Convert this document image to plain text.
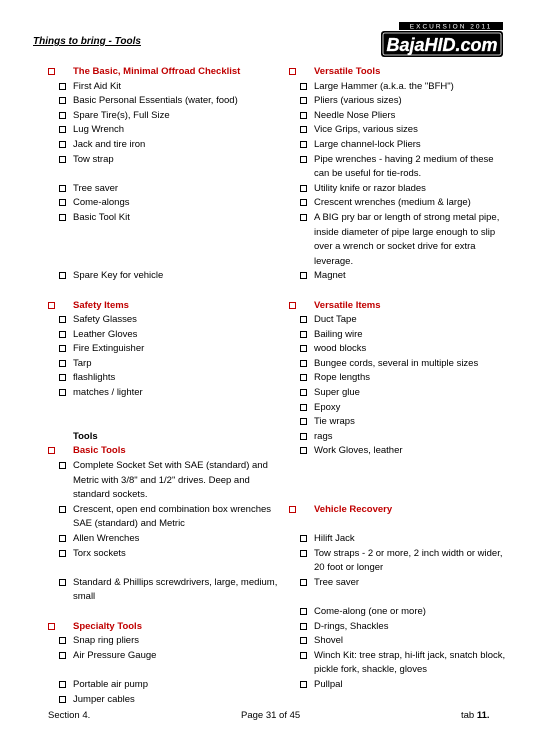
Things to bring - Tools
EXCURSION 2011
BajaHID.com
The Basic, Minimal Offroad Checklist
First Aid Kit
Basic Personal Essentials (water, food)
Spare Tire(s), Full Size
Lug Wrench
Jack and tire iron
Tow strap
Tree saver
Come-alongs
Basic Tool Kit
Spare Key for vehicle
Safety Items
Safety Glasses
Leather Gloves
Fire Extinguisher
Tarp
flashlights
matches / lighter
Tools
Basic Tools
Complete Socket Set with SAE (standard) and Metric with 3/8" and 1/2" drives. Deep and standard sockets.
Crescent, open end combination box wrenches SAE (standard) and Metric
Allen Wrenches
Torx sockets
Standard & Phillips screwdrivers, large, medium, small
Specialty Tools
Snap ring pliers
Air Pressure Gauge
Portable air pump
Jumper cables
Versatile Tools
Large Hammer (a.k.a. the "BFH")
Pliers (various sizes)
Needle Nose Pliers
Vice Grips, various sizes
Large channel-lock Pliers
Pipe wrenches - having 2 medium of these can be useful for tie-rods.
Utility knife or razor blades
Crescent wrenches (medium & large)
A BIG pry bar or length of strong metal pipe, inside diameter of pipe large enough to slip over a wrench or socket drive for extra leverage.
Magnet
Versatile Items
Duct Tape
Bailing wire
wood blocks
Bungee cords, several in multiple sizes
Rope lengths
Super glue
Epoxy
Tie wraps
rags
Work Gloves, leather
Vehicle Recovery
Hilift Jack
Tow straps - 2 or more, 2 inch width or wider, 20 foot or longer
Tree saver
Come-along (one or more)
D-rings, Shackles
Shovel
Winch Kit: tree strap, hi-lift jack, snatch block, pickle fork, shackle, gloves
Pullpal
Section 4.	Page 31 of 45	tab 11.
